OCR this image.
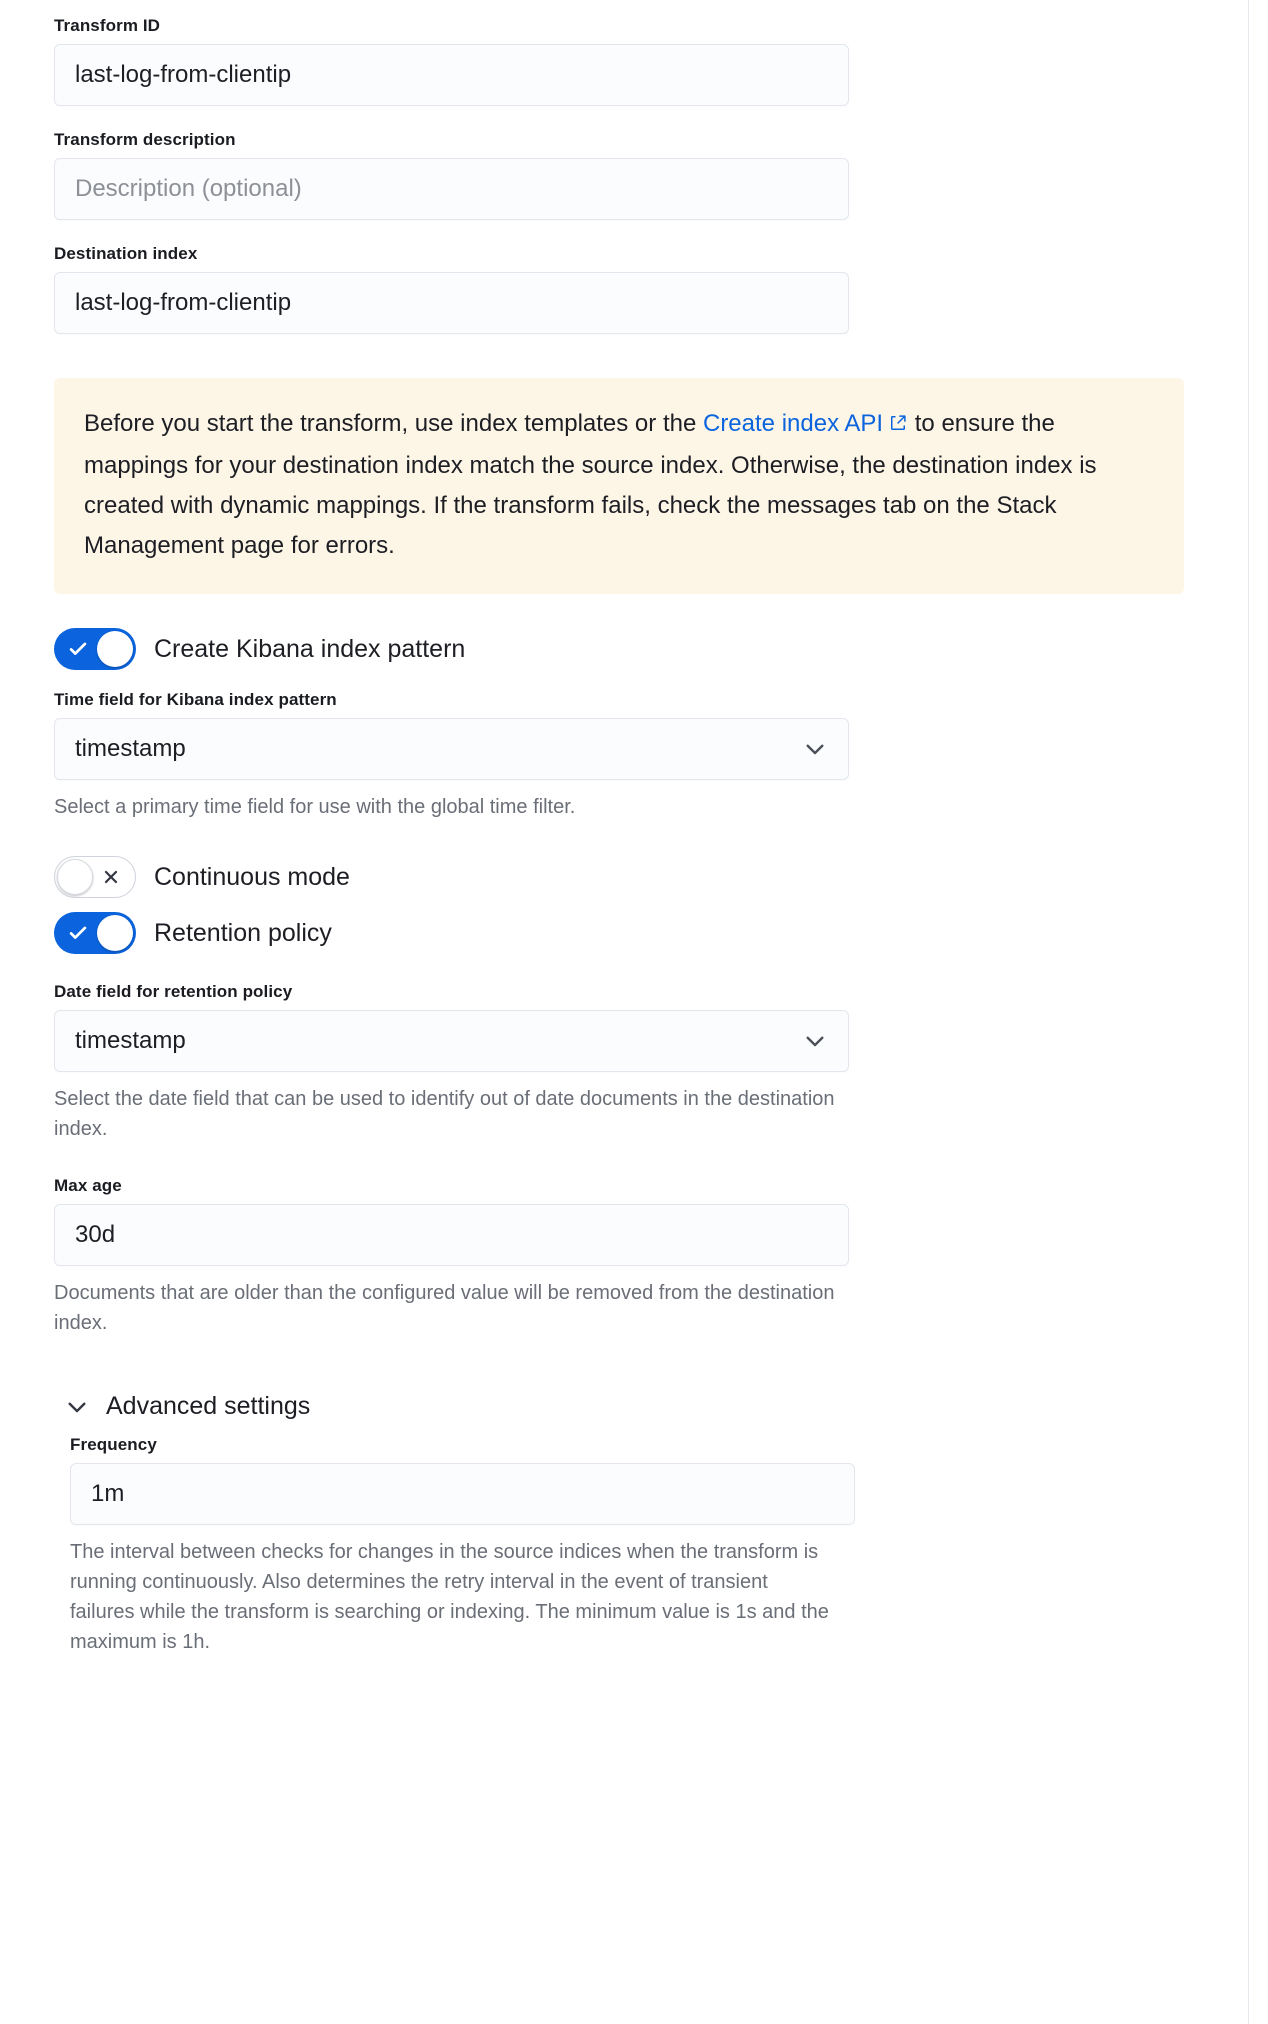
Transform ID
last-log-from-clientip
Transform description
Description (optional)
Destination index
last-log-from-clientip

Before you start the transform, use index templates or the Create index API to ensure the mappings for your destination index match the source index. Otherwise, the destination index is created with dynamic mappings. If the transform fails, check the messages tab on the Stack Management page for errors.

Create Kibana index pattern
Time field for Kibana index pattern
timestamp
Select a primary time field for use with the global time filter.
Continuous mode
Retention policy
Date field for retention policy
timestamp
Select the date field that can be used to identify out of date documents in the destination index.
Max age
30d
Documents that are older than the configured value will be removed from the destination index.
Advanced settings
Frequency
1m
The interval between checks for changes in the source indices when the transform is running continuously. Also determines the retry interval in the event of transient failures while the transform is searching or indexing. The minimum value is 1s and the maximum is 1h.
